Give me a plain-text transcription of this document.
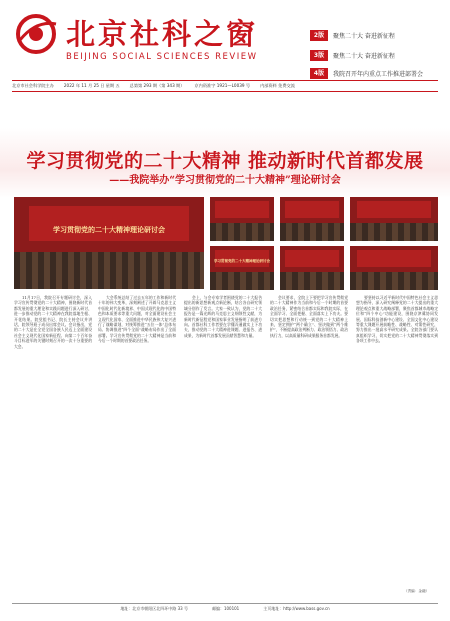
北京社科之窗
BEIJING SOCIAL SCIENCES REVIEW
2版 聚焦二十大 奋进新征程
3版 聚焦二十大 奋进新征程
4版 我院召开年内重点工作推进部署会
北京市社会科学院主办 2022 年 11 月 25 日 星期 五 总第第 293 期（第 343 期） 京内资准字 1921—L0039 号 内部资料 免费交流
学习贯彻党的二十大精神 推动新时代首都发展
——我院举办“学习贯彻党的二十大精神”理论研讨会
学习贯彻党的二十大精神理论研讨会
学习贯彻党的二十大精神理论研讨会

11月17日，我院召开专题研讨会，深入学习宣传贯彻党的二十大精神，围绕新时代首都发展的重大理论和实践问题进行深入研讨，进一步推动党的二十大精神在我院落地生根、开花结果。院党组书记、院长主持会议并讲话，院领导班子成员出席会议。会议指出，党的二十大是在全党全国各族人民迈上全面建设社会主义现代化国家新征程、向第二个百年奋斗目标进军的关键时刻召开的一次十分重要的大会。

大会系统总结了过去五年的工作和新时代十年的伟大变革，深刻阐述了开辟马克思主义中国化时代化新境界、中国式现代化的中国特色和本质要求等重大问题，对全面建设社会主义现代化国家、全面推进中华民族伟大复兴进行了战略谋划，对统筹推进“五位一体”总体布局、协调推进“四个全面”战略布局作出了全面部署。学习宣传贯彻党的二十大精神是当前和今后一个时期的首要政治任务。

会上，与会专家学者围绕党的二十大报告提出的新思想新观点新论断，结合各自研究领域分别作了发言。大家一致认为，党的二十大报告是一篇光辉的马克思主义纲领性文献，为新时代新征程党和国家事业发展指明了前进方向。首都社科工作者要在学懂弄通做实上下功夫，推动党的二十大精神进课题、进报告、进成果，为新时代首都发展贡献智慧和力量。

会议要求，全院上下要把学习宣传贯彻党的二十大精神作为当前和今后一个时期的首要政治任务，紧密结合首都实际和我院实际，在全面学习、全面把握、全面落实上下功夫。要切实把思想和行动统一到党的二十大精神上来，坚定拥护“两个确立”、坚决做到“两个维护”，不断提高政治判断力、政治领悟力、政治执行力，以高质量科研成果服务首都发展。

要坚持以习近平新时代中国特色社会主义思想为指导，深入研究阐释党的二十大提出的重大理论观点和重大战略部署，聚焦首都城市战略定位和“四个中心”功能建设，围绕京津冀协同发展、国际科技创新中心建设、全国文化中心建设等重大课题开展前瞻性、战略性、对策性研究，努力推出一批高水平研究成果。全院各部门要认真组织学习，切实把党的二十大精神贯彻落实到各项工作中去。

（责编：金融）
地址：北京市朝阳区北四环中路 33 号	邮编：100101	主页地址：http://www.bass.gov.cn
